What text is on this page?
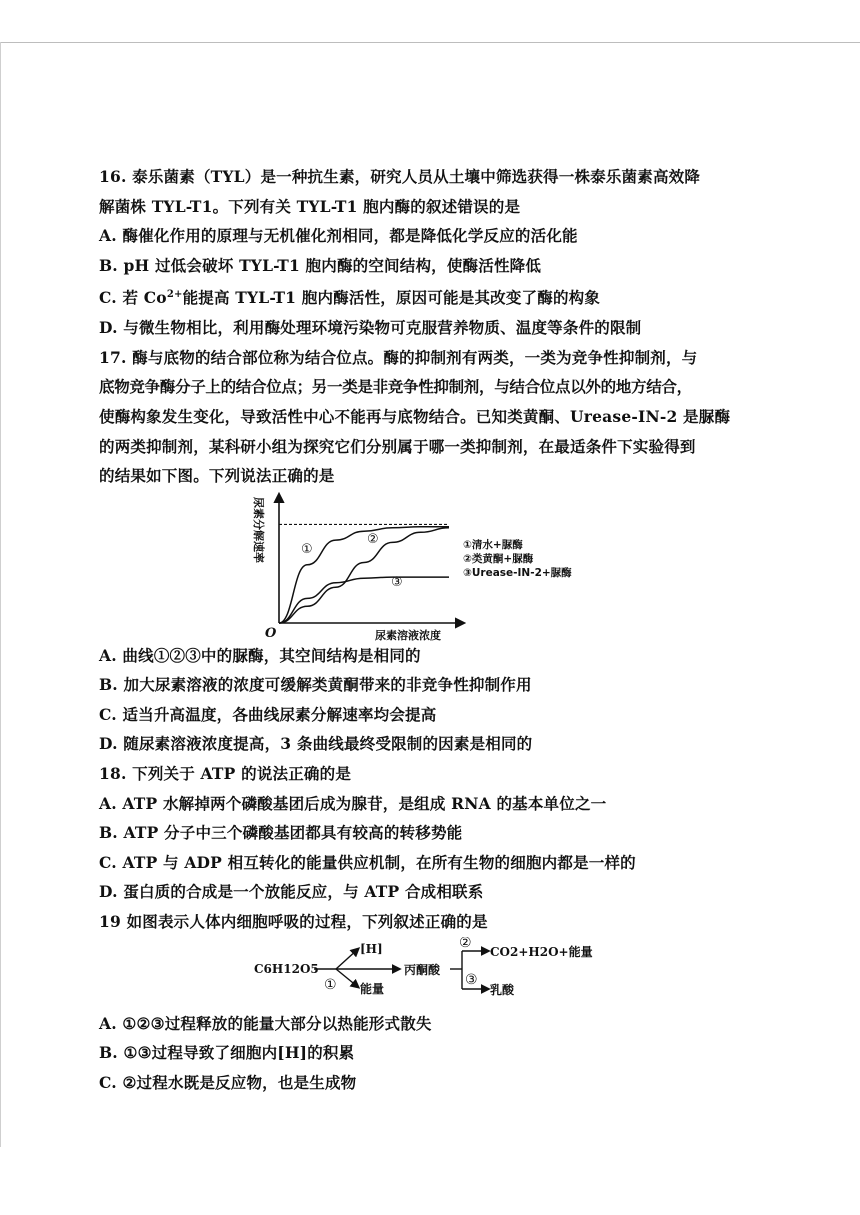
16. 泰乐菌素（TYL）是一种抗生素，研究人员从土壤中筛选获得一株泰乐菌素高效降
解菌株 TYL-T1。下列有关 TYL-T1 胞内酶的叙述错误的是
A. 酶催化作用的原理与无机催化剂相同，都是降低化学反应的活化能
B. pH 过低会破坏 TYL-T1 胞内酶的空间结构，使酶活性降低
C. 若 $Co^{2+}$能提高 TYL-T1 胞内酶活性，原因可能是其改变了酶的构象
D. 与微生物相比，利用酶处理环境污染物可克服营养物质、温度等条件的限制
17. 酶与底物的结合部位称为结合位点。酶的抑制剂有两类，一类为竞争性抑制剂，与
底物竞争酶分子上的结合位点；另一类是非竞争性抑制剂，与结合位点以外的地方结合，
使酶构象发生变化，导致活性中心不能再与底物结合。已知类黄酮、Urease-IN-2 是脲酶
的两类抑制剂，某科研小组为探究它们分别属于哪一类抑制剂，在最适条件下实验得到
的结果如下图。下列说法正确的是
尿素分解速率
O	尿素溶液浓度
①
②
③
①清水+脲酶
②类黄酮+脲酶
③Urease-IN-2+脲酶
A. 曲线①②③中的脲酶，其空间结构是相同的
B. 加大尿素溶液的浓度可缓解类黄酮带来的非竞争性抑制作用
C. 适当升高温度，各曲线尿素分解速率均会提高
D. 随尿素溶液浓度提高，3 条曲线最终受限制的因素是相同的
18. 下列关于 ATP 的说法正确的是
A. ATP 水解掉两个磷酸基团后成为腺苷，是组成 RNA 的基本单位之一
B. ATP 分子中三个磷酸基团都具有较高的转移势能
C. ATP 与 ADP 相互转化的能量供应机制，在所有生物的细胞内都是一样的
D. 蛋白质的合成是一个放能反应，与 ATP 合成相联系
19 如图表示人体内细胞呼吸的过程，下列叙述正确的是
C6H12O5
[H]
能量
①
丙酮酸
②
③
CO2+H2O+能量
乳酸
A. ①②③过程释放的能量大部分以热能形式散失
B. ①③过程导致了细胞内[H]的积累
C. ②过程水既是反应物，也是生成物
